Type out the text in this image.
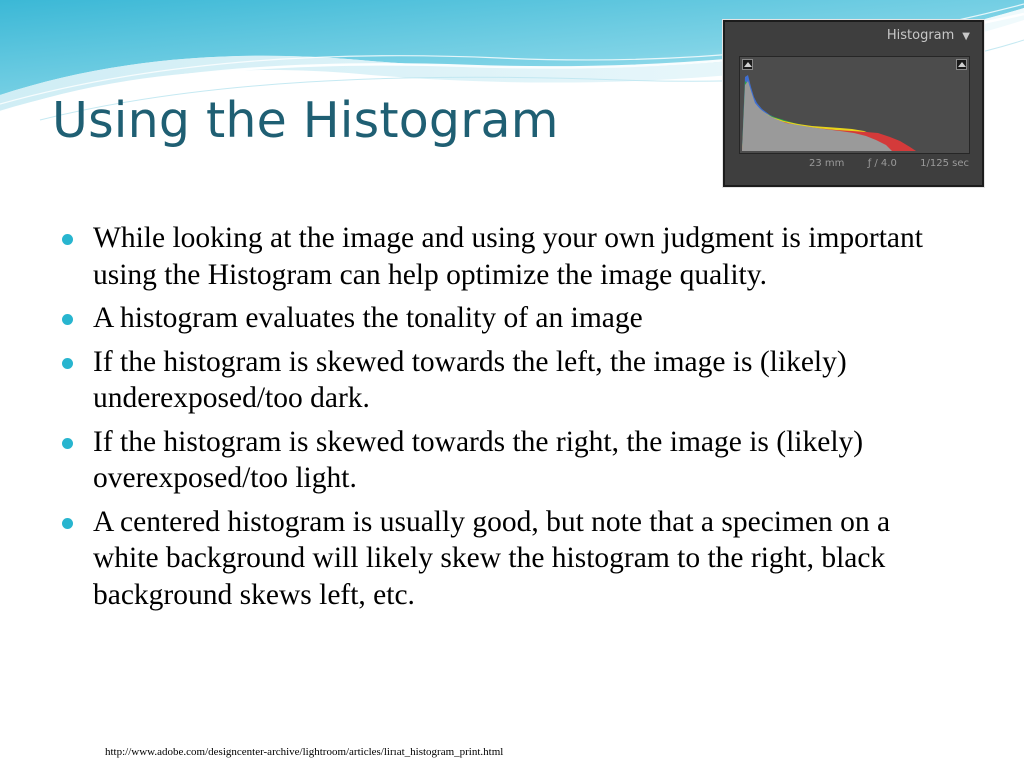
Using the Histogram
Histogram ▼
23 mm ƒ / 4.0 1/125 sec
While looking at the image and using your own judgment is important using the Histogram can help optimize the image quality.
A histogram evaluates the tonality of an image
If the histogram is skewed towards the left, the image is (likely) underexposed/too dark.
If the histogram is skewed towards the right, the image is (likely) overexposed/too light.
A centered histogram is usually good, but note that a specimen on a white background will likely skew the histogram to the right, black background skews left, etc.
http://www.adobe.com/designcenter-archive/lightroom/articles/lirıat_histogram_print.html
